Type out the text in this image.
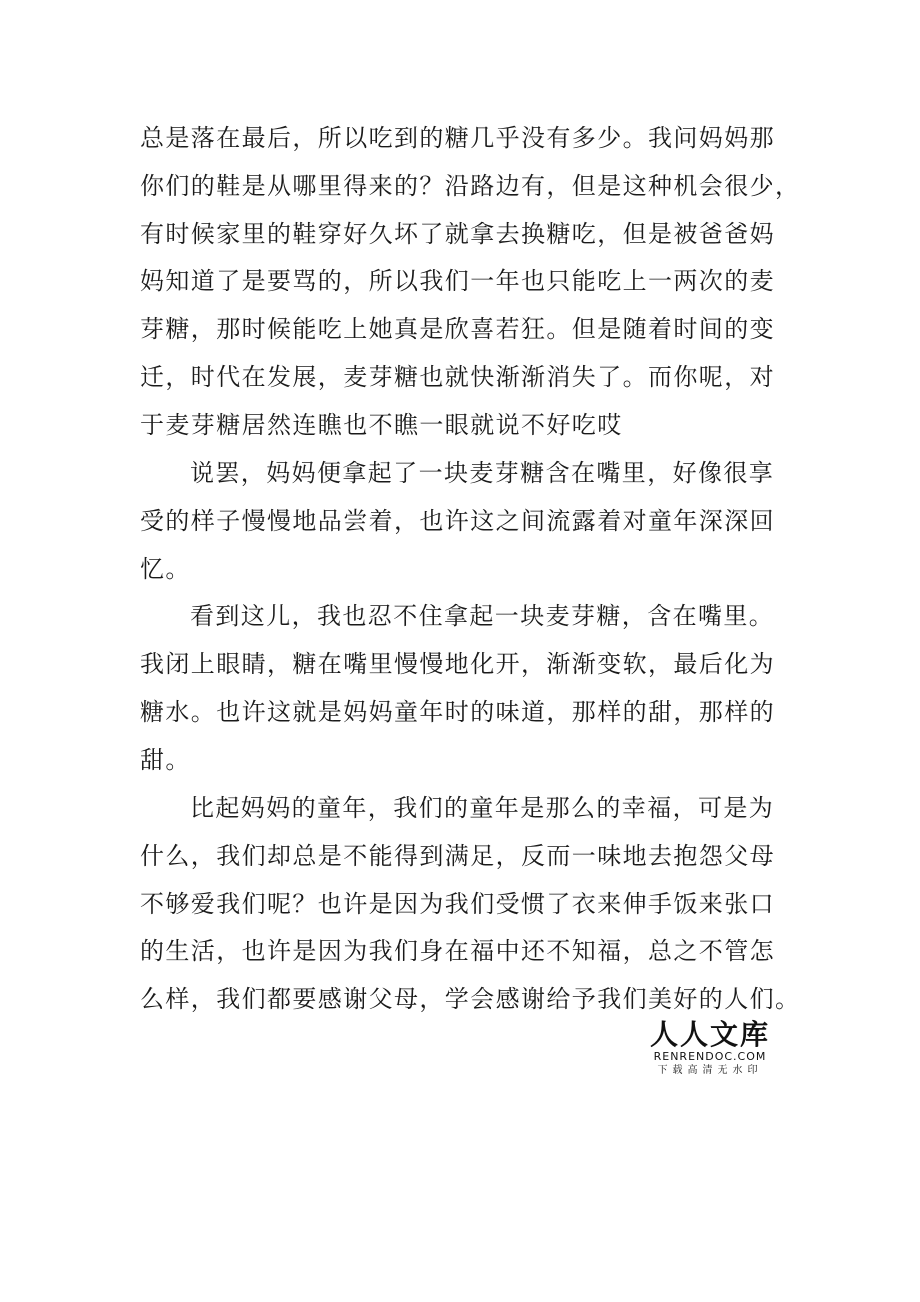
总是落在最后，所以吃到的糖几乎没有多少。我问妈妈那
你们的鞋是从哪里得来的？沿路边有，但是这种机会很少，
有时候家里的鞋穿好久坏了就拿去换糖吃，但是被爸爸妈
妈知道了是要骂的，所以我们一年也只能吃上一两次的麦
芽糖，那时候能吃上她真是欣喜若狂。但是随着时间的变
迁，时代在发展，麦芽糖也就快渐渐消失了。而你呢，对
于麦芽糖居然连瞧也不瞧一眼就说不好吃哎
说罢，妈妈便拿起了一块麦芽糖含在嘴里，好像很享
受的样子慢慢地品尝着，也许这之间流露着对童年深深回
忆。
看到这儿，我也忍不住拿起一块麦芽糖，含在嘴里。
我闭上眼睛，糖在嘴里慢慢地化开，渐渐变软，最后化为
糖水。也许这就是妈妈童年时的味道，那样的甜，那样的
甜。
比起妈妈的童年，我们的童年是那么的幸福，可是为
什么，我们却总是不能得到满足，反而一味地去抱怨父母
不够爱我们呢？也许是因为我们受惯了衣来伸手饭来张口
的生活，也许是因为我们身在福中还不知福，总之不管怎
么样，我们都要感谢父母，学会感谢给予我们美好的人们。
人人文库
RENRENDOC.COM
下载高清无水印
